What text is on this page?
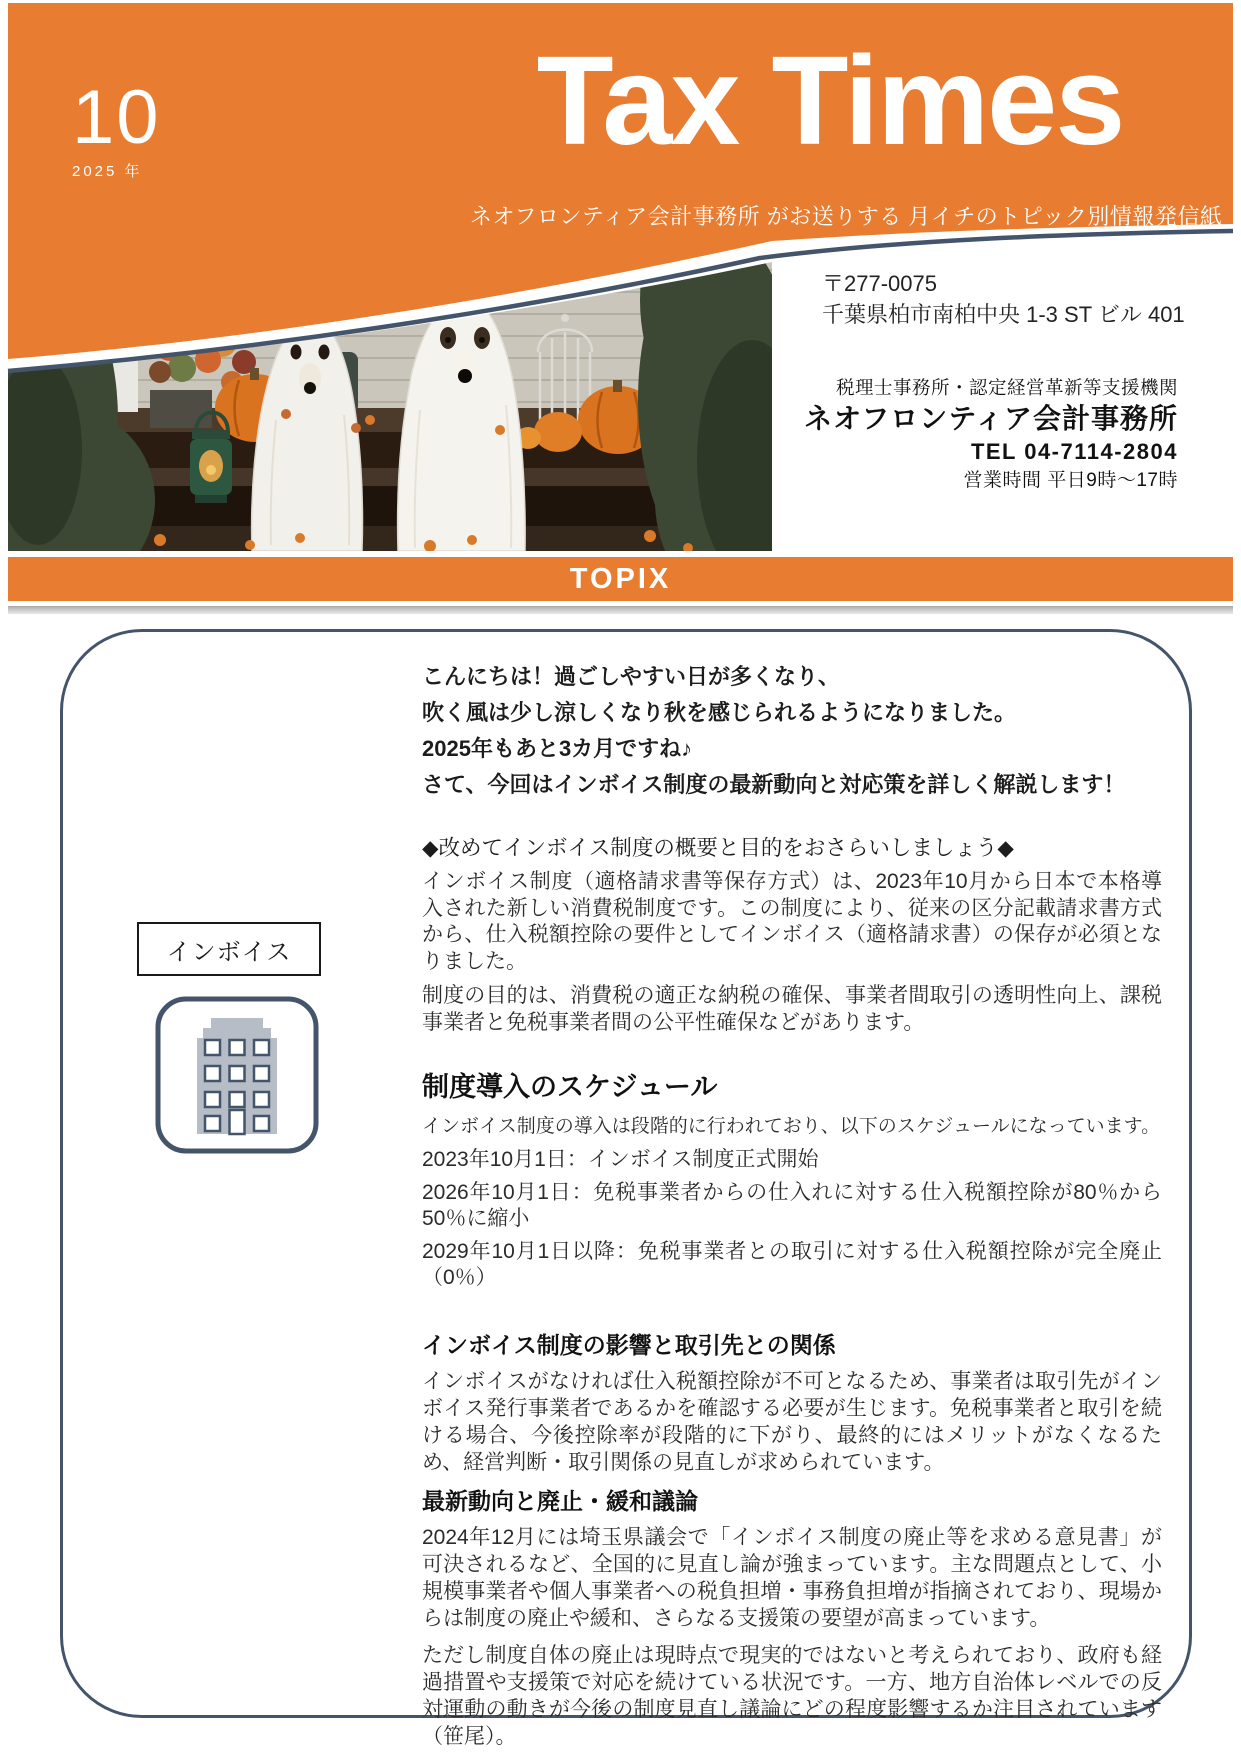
10
2025 年
Tax Times
ネオフロンティア会計事務所 がお送りする 月イチのトピック別情報発信紙
〒277-0075
千葉県柏市南柏中央 1-3 ST ビル 401
税理士事務所・認定経営革新等支援機関
ネオフロンティア会計事務所
TEL 04-7114-2804
営業時間 平日9時～17時
TOPIX
インボイス

こんにちは！過ごしやすい日が多くなり、

吹く風は少し涼しくなり秋を感じられるようになりました。

2025年もあと3カ月ですね♪

さて、今回はインボイス制度の最新動向と対応策を詳しく解説します！

◆改めてインボイス制度の概要と目的をおさらいしましょう◆

インボイス制度（適格請求書等保存方式）は、2023年10月から日本で本格導入された新しい消費税制度です。この制度により、従来の区分記載請求書方式から、仕入税額控除の要件としてインボイス（適格請求書）の保存が必須となりました。

制度の目的は、消費税の適正な納税の確保、事業者間取引の透明性向上、課税事業者と免税事業者間の公平性確保などがあります。

制度導入のスケジュール

インボイス制度の導入は段階的に行われており、以下のスケジュールになっています。

2023年10月1日：インボイス制度正式開始

2026年10月1日：免税事業者からの仕入れに対する仕入税額控除が80％から50％に縮小

2029年10月1日以降：免税事業者との取引に対する仕入税額控除が完全廃止（0％）

インボイス制度の影響と取引先との関係

インボイスがなければ仕入税額控除が不可となるため、事業者は取引先がインボイス発行事業者であるかを確認する必要が生じます。免税事業者と取引を続ける場合、今後控除率が段階的に下がり、最終的にはメリットがなくなるため、経営判断・取引関係の見直しが求められています。

最新動向と廃止・緩和議論

2024年12月には埼玉県議会で「インボイス制度の廃止等を求める意見書」が可決されるなど、全国的に見直し論が強まっています。主な問題点として、小規模事業者や個人事業者への税負担増・事務負担増が指摘されており、現場からは制度の廃止や緩和、さらなる支援策の要望が高まっています。

ただし制度自体の廃止は現時点で現実的ではないと考えられており、政府も経過措置や支援策で対応を続けている状況です。一方、地方自治体レベルでの反対運動の動きが今後の制度見直し議論にどの程度影響するか注目されています（笹尾）。
